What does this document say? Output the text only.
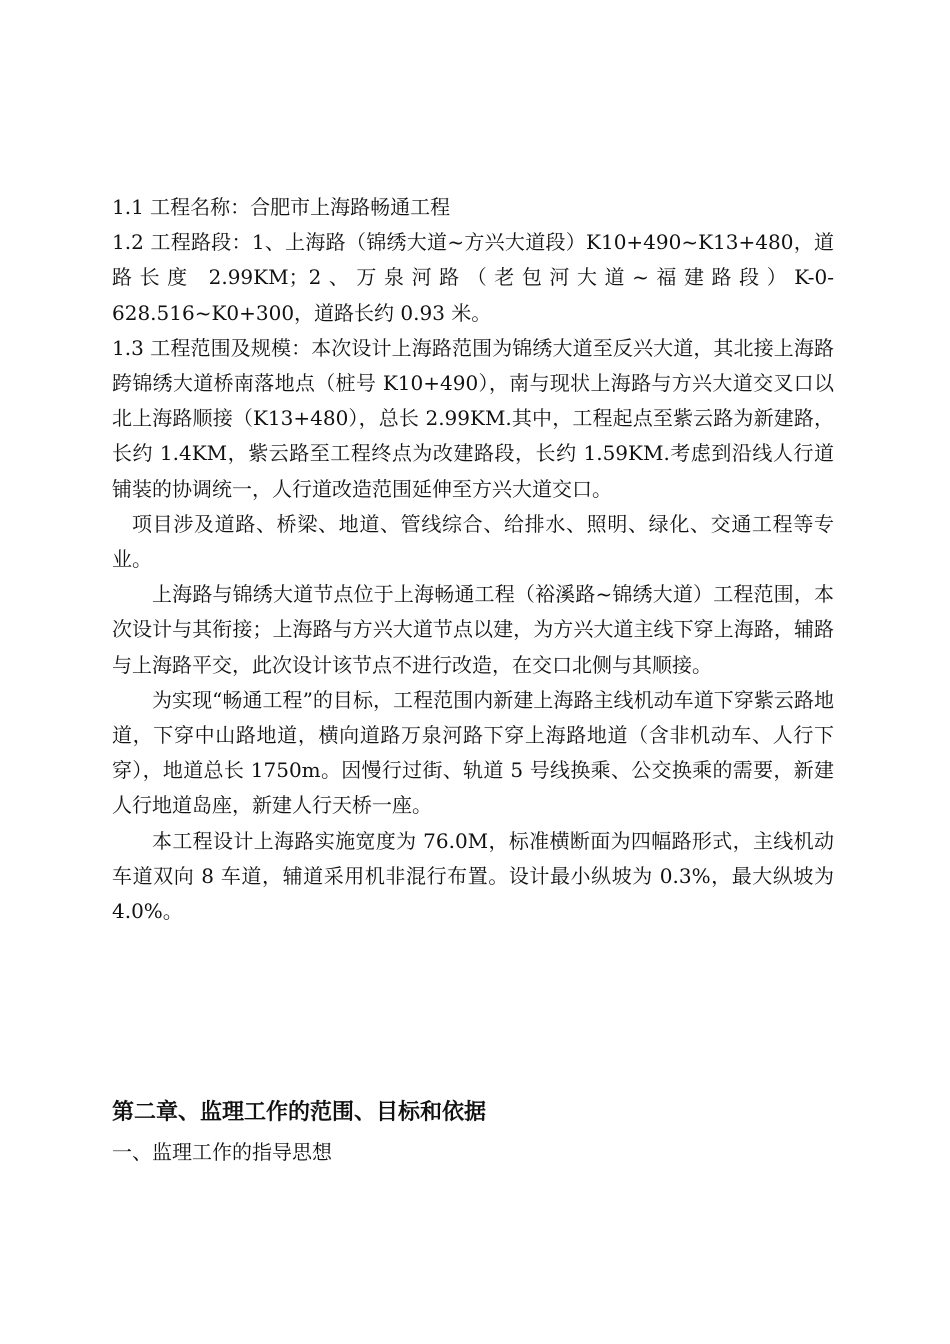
1.1 工程名称：合肥市上海路畅通工程

1.2 工程路段：1、上海路（锦绣大道~方兴大道段）K10+490~K13+480，道路长度 2.99KM；2、万泉河路（老包河大道~福建路段）K-0-628.516~K0+300，道路长约 0.93 米。

1.3 工程范围及规模：本次设计上海路范围为锦绣大道至反兴大道，其北接上海路跨锦绣大道桥南落地点（桩号 K10+490），南与现状上海路与方兴大道交叉口以北上海路顺接（K13+480），总长 2.99KM.其中，工程起点至紫云路为新建路，长约 1.4KM，紫云路至工程终点为改建路段，长约 1.59KM.考虑到沿线人行道铺装的协调统一，人行道改造范围延伸至方兴大道交口。

项目涉及道路、桥梁、地道、管线综合、给排水、照明、绿化、交通工程等专业。

上海路与锦绣大道节点位于上海畅通工程（裕溪路~锦绣大道）工程范围，本次设计与其衔接；上海路与方兴大道节点以建，为方兴大道主线下穿上海路，辅路与上海路平交，此次设计该节点不进行改造，在交口北侧与其顺接。

为实现“畅通工程”的目标，工程范围内新建上海路主线机动车道下穿紫云路地道，下穿中山路地道，横向道路万泉河路下穿上海路地道（含非机动车、人行下穿），地道总长 1750m。因慢行过街、轨道 5 号线换乘、公交换乘的需要，新建人行地道岛座，新建人行天桥一座。

本工程设计上海路实施宽度为 76.0M，标准横断面为四幅路形式，主线机动车道双向 8 车道，辅道采用机非混行布置。设计最小纵坡为 0.3%，最大纵坡为 4.0%。

第二章、监理工作的范围、目标和依据

一、监理工作的指导思想
